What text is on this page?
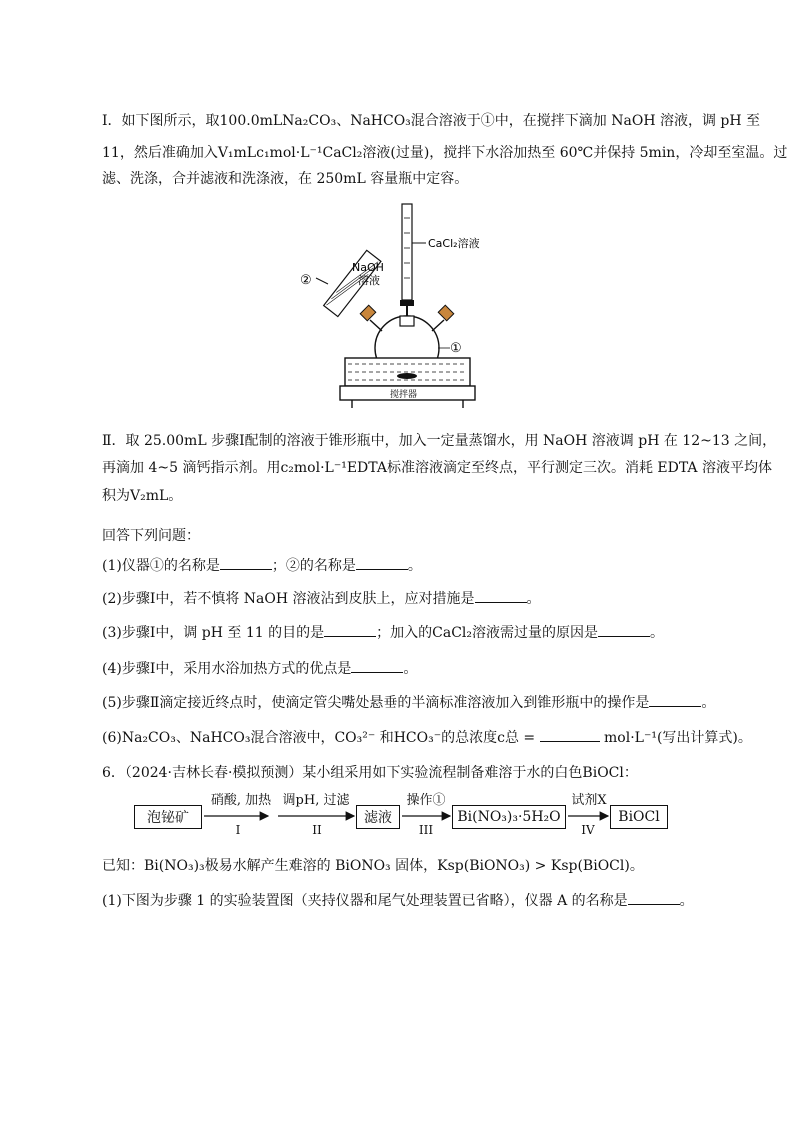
Ⅰ．如下图所示，取100.0mLNa₂CO₃、NaHCO₃混合溶液于①中，在搅拌下滴加 NaOH 溶液，调 pH 至
11，然后准确加入V₁mLc₁mol·L⁻¹CaCl₂溶液(过量)，搅拌下水浴加热至 60℃并保持 5min，冷却至室温。过
滤、洗涤，合并滤液和洗涤液，在 250mL 容量瓶中定容。
CaCl₂溶液
NaOH
溶液
②
①
搅拌器
Ⅱ．取 25.00mL 步骤Ⅰ配制的溶液于锥形瓶中，加入一定量蒸馏水，用 NaOH 溶液调 pH 在 12~13 之间，
再滴加 4~5 滴钙指示剂。用c₂mol·L⁻¹EDTA标准溶液滴定至终点，平行测定三次。消耗 EDTA 溶液平均体
积为V₂mL。
回答下列问题：
(1)仪器①的名称是	；②的名称是	。
(2)步骤Ⅰ中，若不慎将 NaOH 溶液沾到皮肤上，应对措施是	。
(3)步骤Ⅰ中，调 pH 至 11 的目的是	；加入的CaCl₂溶液需过量的原因是	。
(4)步骤Ⅰ中，采用水浴加热方式的优点是	。
(5)步骤Ⅱ滴定接近终点时，使滴定管尖嘴处悬垂的半滴标准溶液加入到锥形瓶中的操作是	。
(6)Na₂CO₃、NaHCO₃混合溶液中，CO₃²⁻ 和HCO₃⁻的总浓度c总 =	mol·L⁻¹(写出计算式)。
6．（2024·吉林长春·模拟预测）某小组采用如下实验流程制备难溶于水的白色BiOCl：
泡铋矿
硝酸, 加热
I
调pH, 过滤
II
滤液
操作①
III
Bi(NO₃)₃·5H₂O
试剂X
IV
BiOCl
已知：Bi(NO₃)₃极易水解产生难溶的 BiONO₃ 固体，Ksp(BiONO₃) > Ksp(BiOCl)。
(1)下图为步骤 1 的实验装置图（夹持仪器和尾气处理装置已省略），仪器 A 的名称是	。
